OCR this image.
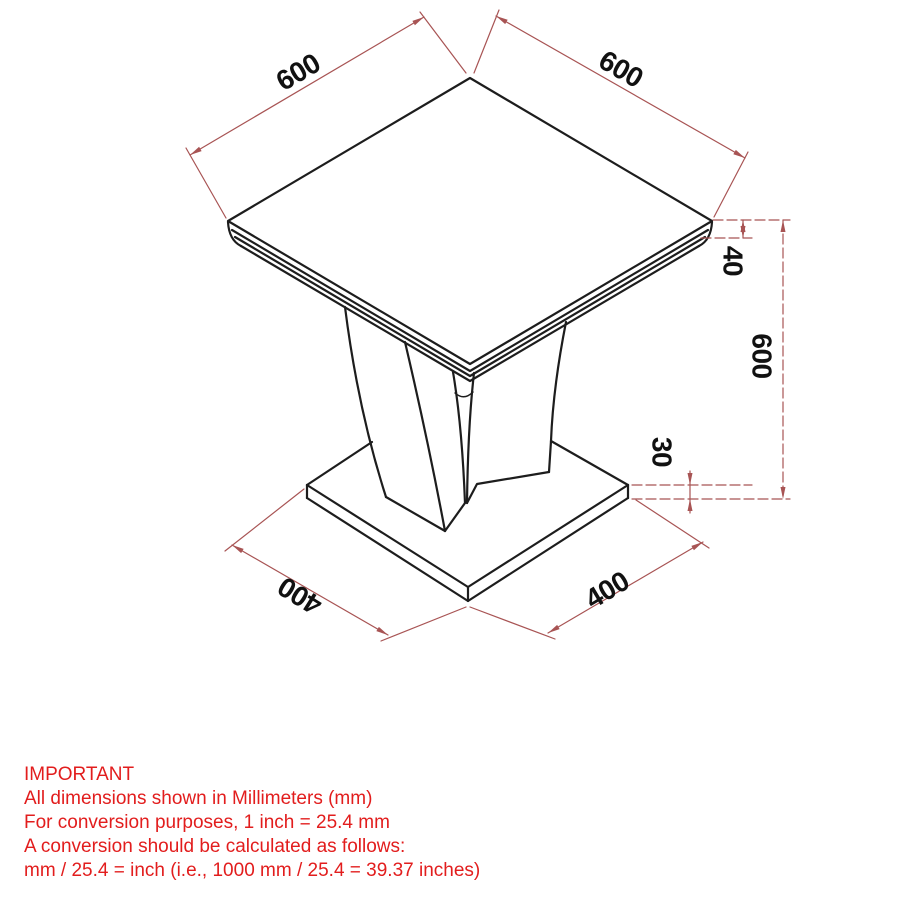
600	600
40
600
30
400	400
IMPORTANT
All dimensions shown in Millimeters (mm)
For conversion purposes, 1 inch = 25.4 mm
A conversion should be calculated as follows:
mm / 25.4 = inch (i.e., 1000 mm / 25.4 = 39.37 inches)
